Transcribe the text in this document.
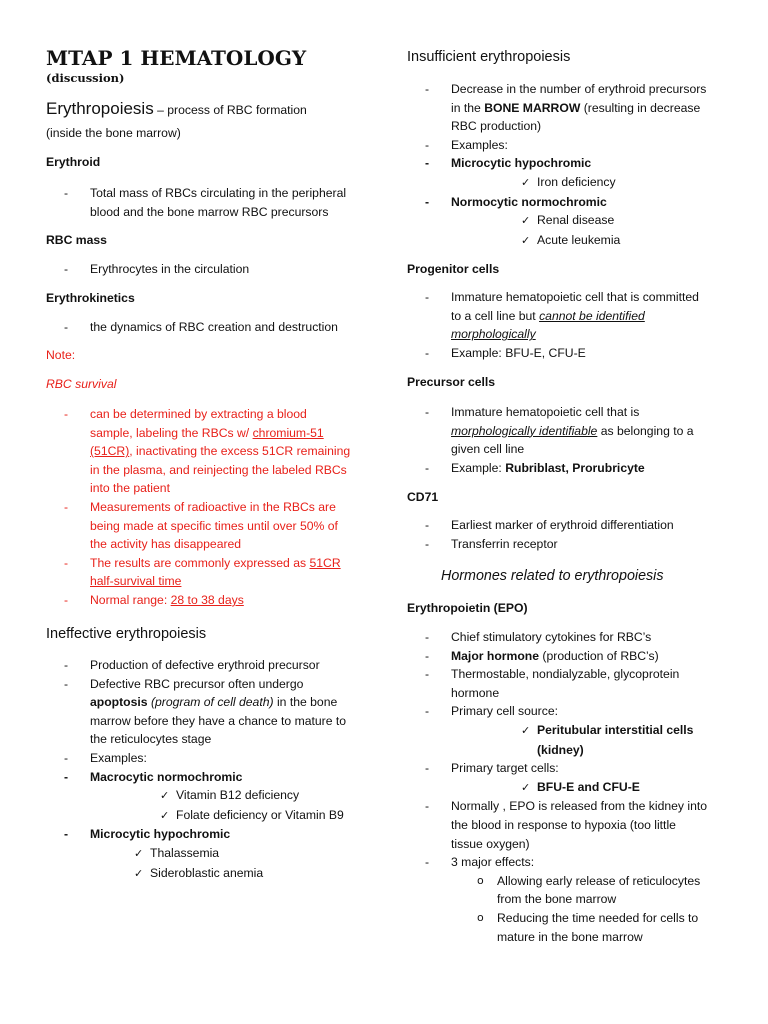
MTAP 1 HEMATOLOGY
(discussion)
Erythropoiesis – process of RBC formation
(inside the bone marrow)
Erythroid
- Total mass of RBCs circulating in the peripheral
blood and the bone marrow RBC precursors
RBC mass
- Erythrocytes in the circulation
Erythrokinetics
- the dynamics of RBC creation and destruction
Note:
RBC survival
- can be determined by extracting a blood
sample, labeling the RBCs w/ chromium-51
(51CR), inactivating the excess 51CR remaining
in the plasma, and reinjecting the labeled RBCs
into the patient
- Measurements of radioactive in the RBCs are
being made at specific times until over 50% of
the activity has disappeared
- The results are commonly expressed as 51CR
half-survival time
- Normal range: 28 to 38 days
Ineffective erythropoiesis
- Production of defective erythroid precursor
- Defective RBC precursor often undergo
apoptosis (program of cell death) in the bone
marrow before they have a chance to mature to
the reticulocytes stage
- Examples:
- Macrocytic normochromic
✓ Vitamin B12 deficiency
✓ Folate deficiency or Vitamin B9
- Microcytic hypochromic
✓ Thalassemia
✓ Sideroblastic anemia
Insufficient erythropoiesis
- Decrease in the number of erythroid precursors
in the BONE MARROW (resulting in decrease
RBC production)
- Examples:
- Microcytic hypochromic
✓ Iron deficiency
- Normocytic normochromic
✓ Renal disease
✓ Acute leukemia
Progenitor cells
- Immature hematopoietic cell that is committed
to a cell line but cannot be identified
morphologically
- Example: BFU-E, CFU-E
Precursor cells
- Immature hematopoietic cell that is
morphologically identifiable as belonging to a
given cell line
- Example: Rubriblast, Prorubricyte
CD71
- Earliest marker of erythroid differentiation
- Transferrin receptor
Hormones related to erythropoiesis
Erythropoietin (EPO)
- Chief stimulatory cytokines for RBC’s
- Major hormone (production of RBC’s)
- Thermostable, nondialyzable, glycoprotein
hormone
- Primary cell source:
✓ Peritubular interstitial cells
(kidney)
- Primary target cells:
✓ BFU-E and CFU-E
- Normally , EPO is released from the kidney into
the blood in response to hypoxia (too little
tissue oxygen)
- 3 major effects:
o Allowing early release of reticulocytes
from the bone marrow
o Reducing the time needed for cells to
mature in the bone marrow
